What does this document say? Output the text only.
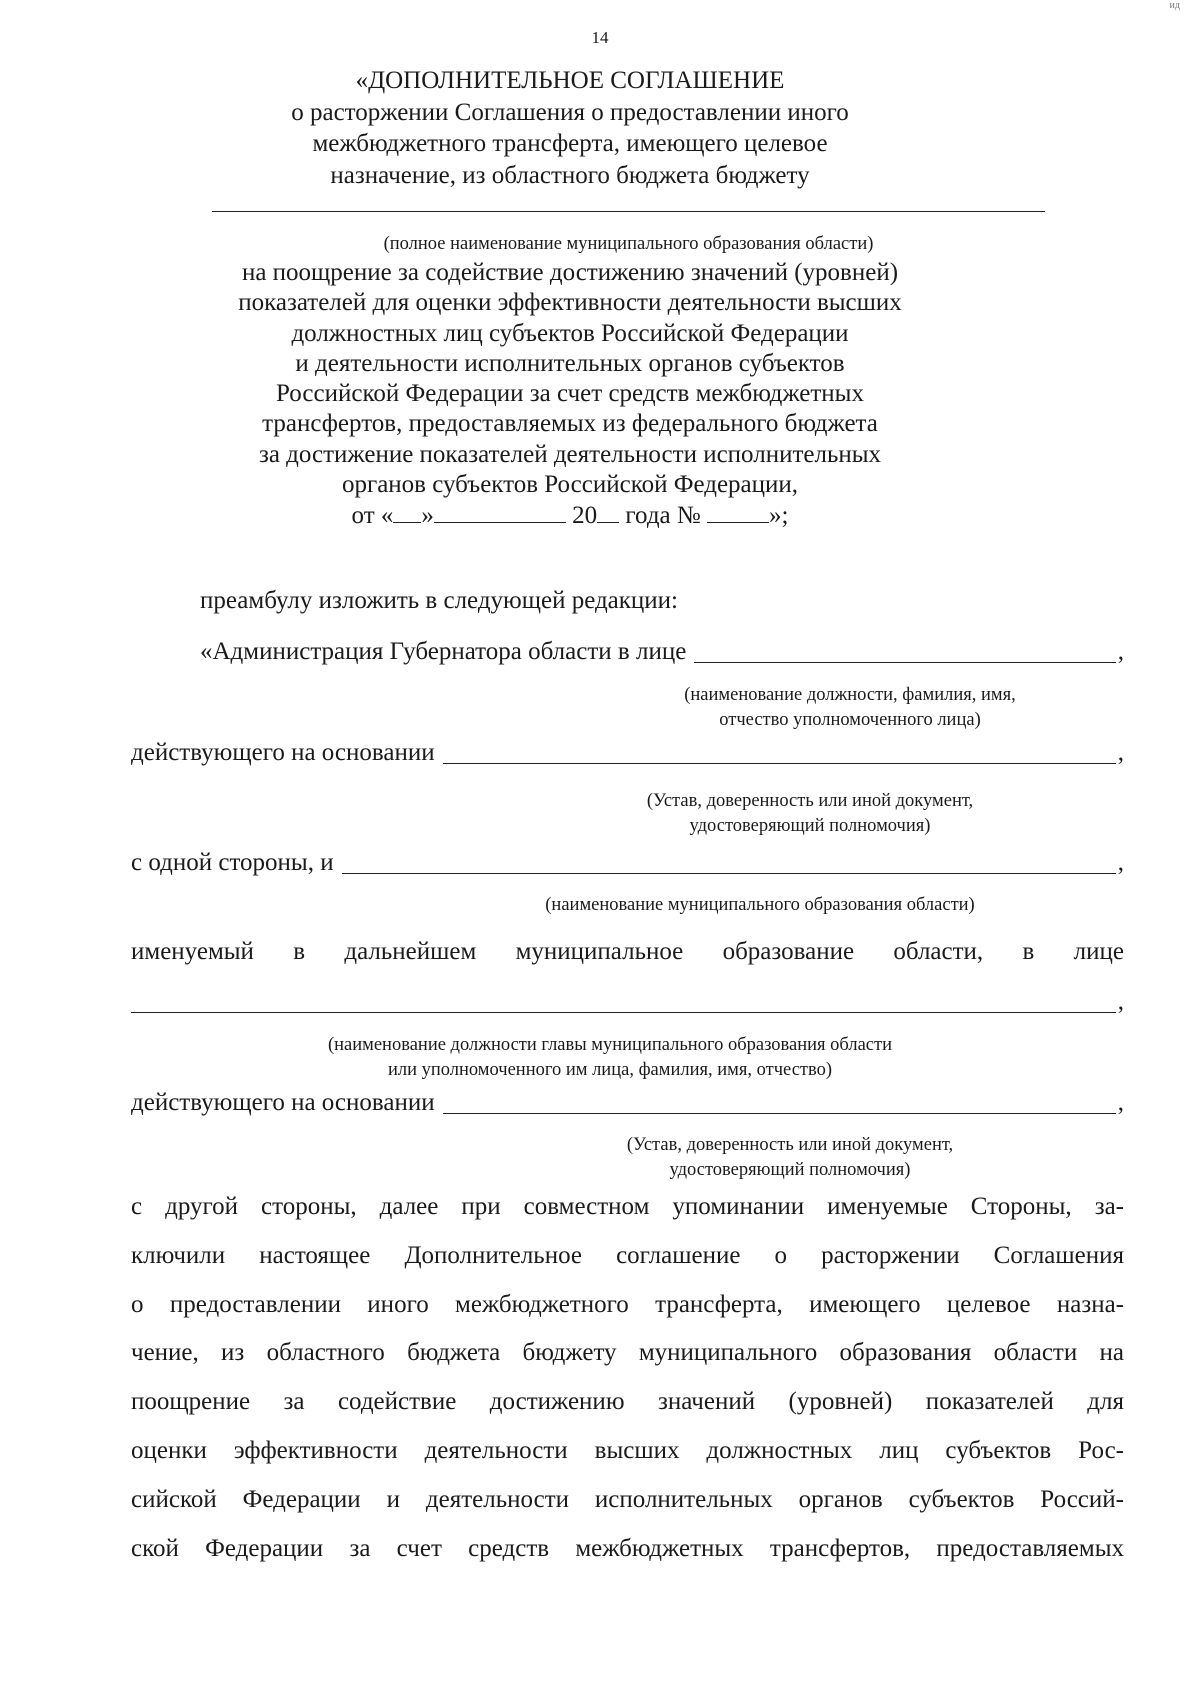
14
ид
«ДОПОЛНИТЕЛЬНОЕ СОГЛАШЕНИЕ
о расторжении Соглашения о предоставлении иного
межбюджетного трансферта, имеющего целевое
назначение, из областного бюджета бюджету
(полное наименование муниципального образования области)
на поощрение за содействие достижению значений (уровней)
показателей для оценки эффективности деятельности высших
должностных лиц субъектов Российской Федерации
и деятельности исполнительных органов субъектов
Российской Федерации за счет средств межбюджетных
трансфертов, предоставляемых из федерального бюджета
за достижение показателей деятельности исполнительных
органов субъектов Российской Федерации,
от « »	20 года №	»;
преамбулу изложить в следующей редакции:
«Администрация Губернатора области в лице	,
(наименование должности, фамилия, имя,
отчество уполномоченного лица)
действующего на основании	,
(Устав, доверенность или иной документ,
удостоверяющий полномочия)
с одной стороны, и	,
(наименование муниципального образования области)
именуемый в дальнейшем муниципальное образование области, в лице
,
(наименование должности главы муниципального образования области
или уполномоченного им лица, фамилия, имя, отчество)
действующего на основании	,
(Устав, доверенность или иной документ,
удостоверяющий полномочия)
с другой стороны, далее при совместном упоминании именуемые Стороны, за-
ключили настоящее Дополнительное соглашение о расторжении Соглашения
о предоставлении иного межбюджетного трансферта, имеющего целевое назна-
чение, из областного бюджета бюджету муниципального образования области на
поощрение за содействие достижению значений (уровней) показателей для
оценки эффективности деятельности высших должностных лиц субъектов Рос-
сийской Федерации и деятельности исполнительных органов субъектов Россий-
ской Федерации за счет средств межбюджетных трансфертов, предоставляемых
